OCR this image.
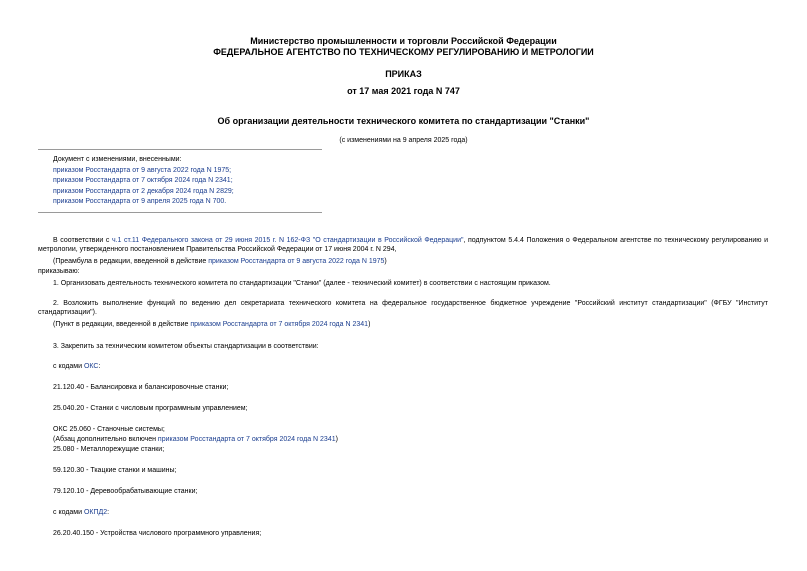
Министерство промышленности и торговли Российской Федерации
ФЕДЕРАЛЬНОЕ АГЕНТСТВО ПО ТЕХНИЧЕСКОМУ РЕГУЛИРОВАНИЮ И МЕТРОЛОГИИ
ПРИКАЗ
от 17 мая 2021 года N 747
Об организации деятельности технического комитета по стандартизации "Станки"
(с изменениями на 9 апреля 2025 года)
Документ с изменениями, внесенными:
приказом Росстандарта от 9 августа 2022 года N 1975;
приказом Росстандарта от 7 октября 2024 года N 2341;
приказом Росстандарта от 2 декабря 2024 года N 2829;
приказом Росстандарта от 9 апреля 2025 года N 700.
В соответствии с ч.1 ст.11 Федерального закона от 29 июня 2015 г. N 162-ФЗ "О стандартизации в Российской Федерации", подпунктом 5.4.4 Положения о Федеральном агентстве по техническому регулированию и метрологии, утвержденного постановлением Правительства Российской Федерации от 17 июня 2004 г. N 294,
(Преамбула в редакции, введенной в действие приказом Росстандарта от 9 августа 2022 года N 1975)
приказываю:
1. Организовать деятельность технического комитета по стандартизации "Станки" (далее - технический комитет) в соответствии с настоящим приказом.
2. Возложить выполнение функций по ведению дел секретариата технического комитета на федеральное государственное бюджетное учреждение "Российский институт стандартизации" (ФГБУ "Институт стандартизации").
(Пункт в редакции, введенной в действие приказом Росстандарта от 7 октября 2024 года N 2341)
3. Закрепить за техническим комитетом объекты стандартизации в соответствии:
с кодами ОКС:
21.120.40 - Балансировка и балансировочные станки;
25.040.20 - Станки с числовым программным управлением;
ОКС 25.060 - Станочные системы;
(Абзац дополнительно включен приказом Росстандарта от 7 октября 2024 года N 2341)
25.080 - Металлорежущие станки;
59.120.30 - Ткацкие станки и машины;
79.120.10 - Деревообрабатывающие станки;
с кодами ОКПД2:
26.20.40.150 - Устройства числового программного управления;
